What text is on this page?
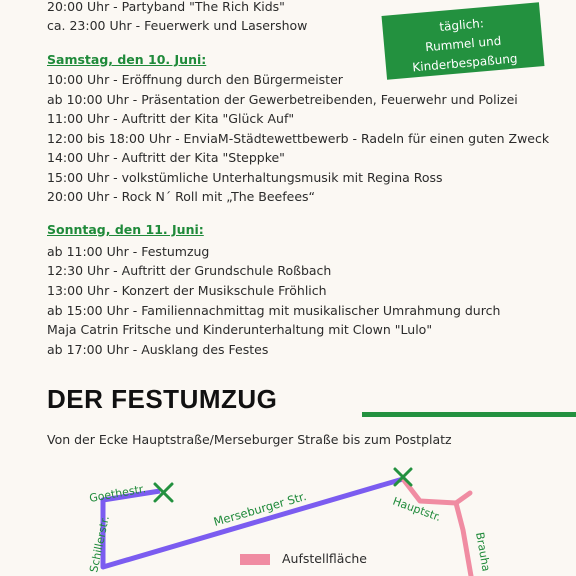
20:00 Uhr - Partyband "The Rich Kids"
ca. 23:00 Uhr - Feuerwerk und Lasershow	täglich:
Rummel und
Kinderbespaßung
Samstag, den 10. Juni:
10:00 Uhr - Eröffnung durch den Bürgermeister
ab 10:00 Uhr - Präsentation der Gewerbetreibenden, Feuerwehr und Polizei
11:00 Uhr - Auftritt der Kita "Glück Auf"
12:00 bis 18:00 Uhr - EnviaM-Städtewettbewerb - Radeln für einen guten Zweck
14:00 Uhr - Auftritt der Kita "Steppke"
15:00 Uhr - volkstümliche Unterhaltungsmusik mit Regina Ross
20:00 Uhr - Rock N´ Roll mit „The Beefees“
Sonntag, den 11. Juni:
ab 11:00 Uhr - Festumzug
12:30 Uhr - Auftritt der Grundschule Roßbach
13:00 Uhr - Konzert der Musikschule Fröhlich
ab 15:00 Uhr - Familiennachmittag mit musikalischer Umrahmung durch
Maja Catrin Fritsche und Kinderunterhaltung mit Clown "Lulo"
ab 17:00 Uhr - Ausklang des Festes
DER FESTUMZUG
Von der Ecke Hauptstraße/Merseburger Straße bis zum Postplatz
Goethestr.
Schillerstr.
Merseburger Str.	Hauptstr.
Brauha
Aufstellfläche
